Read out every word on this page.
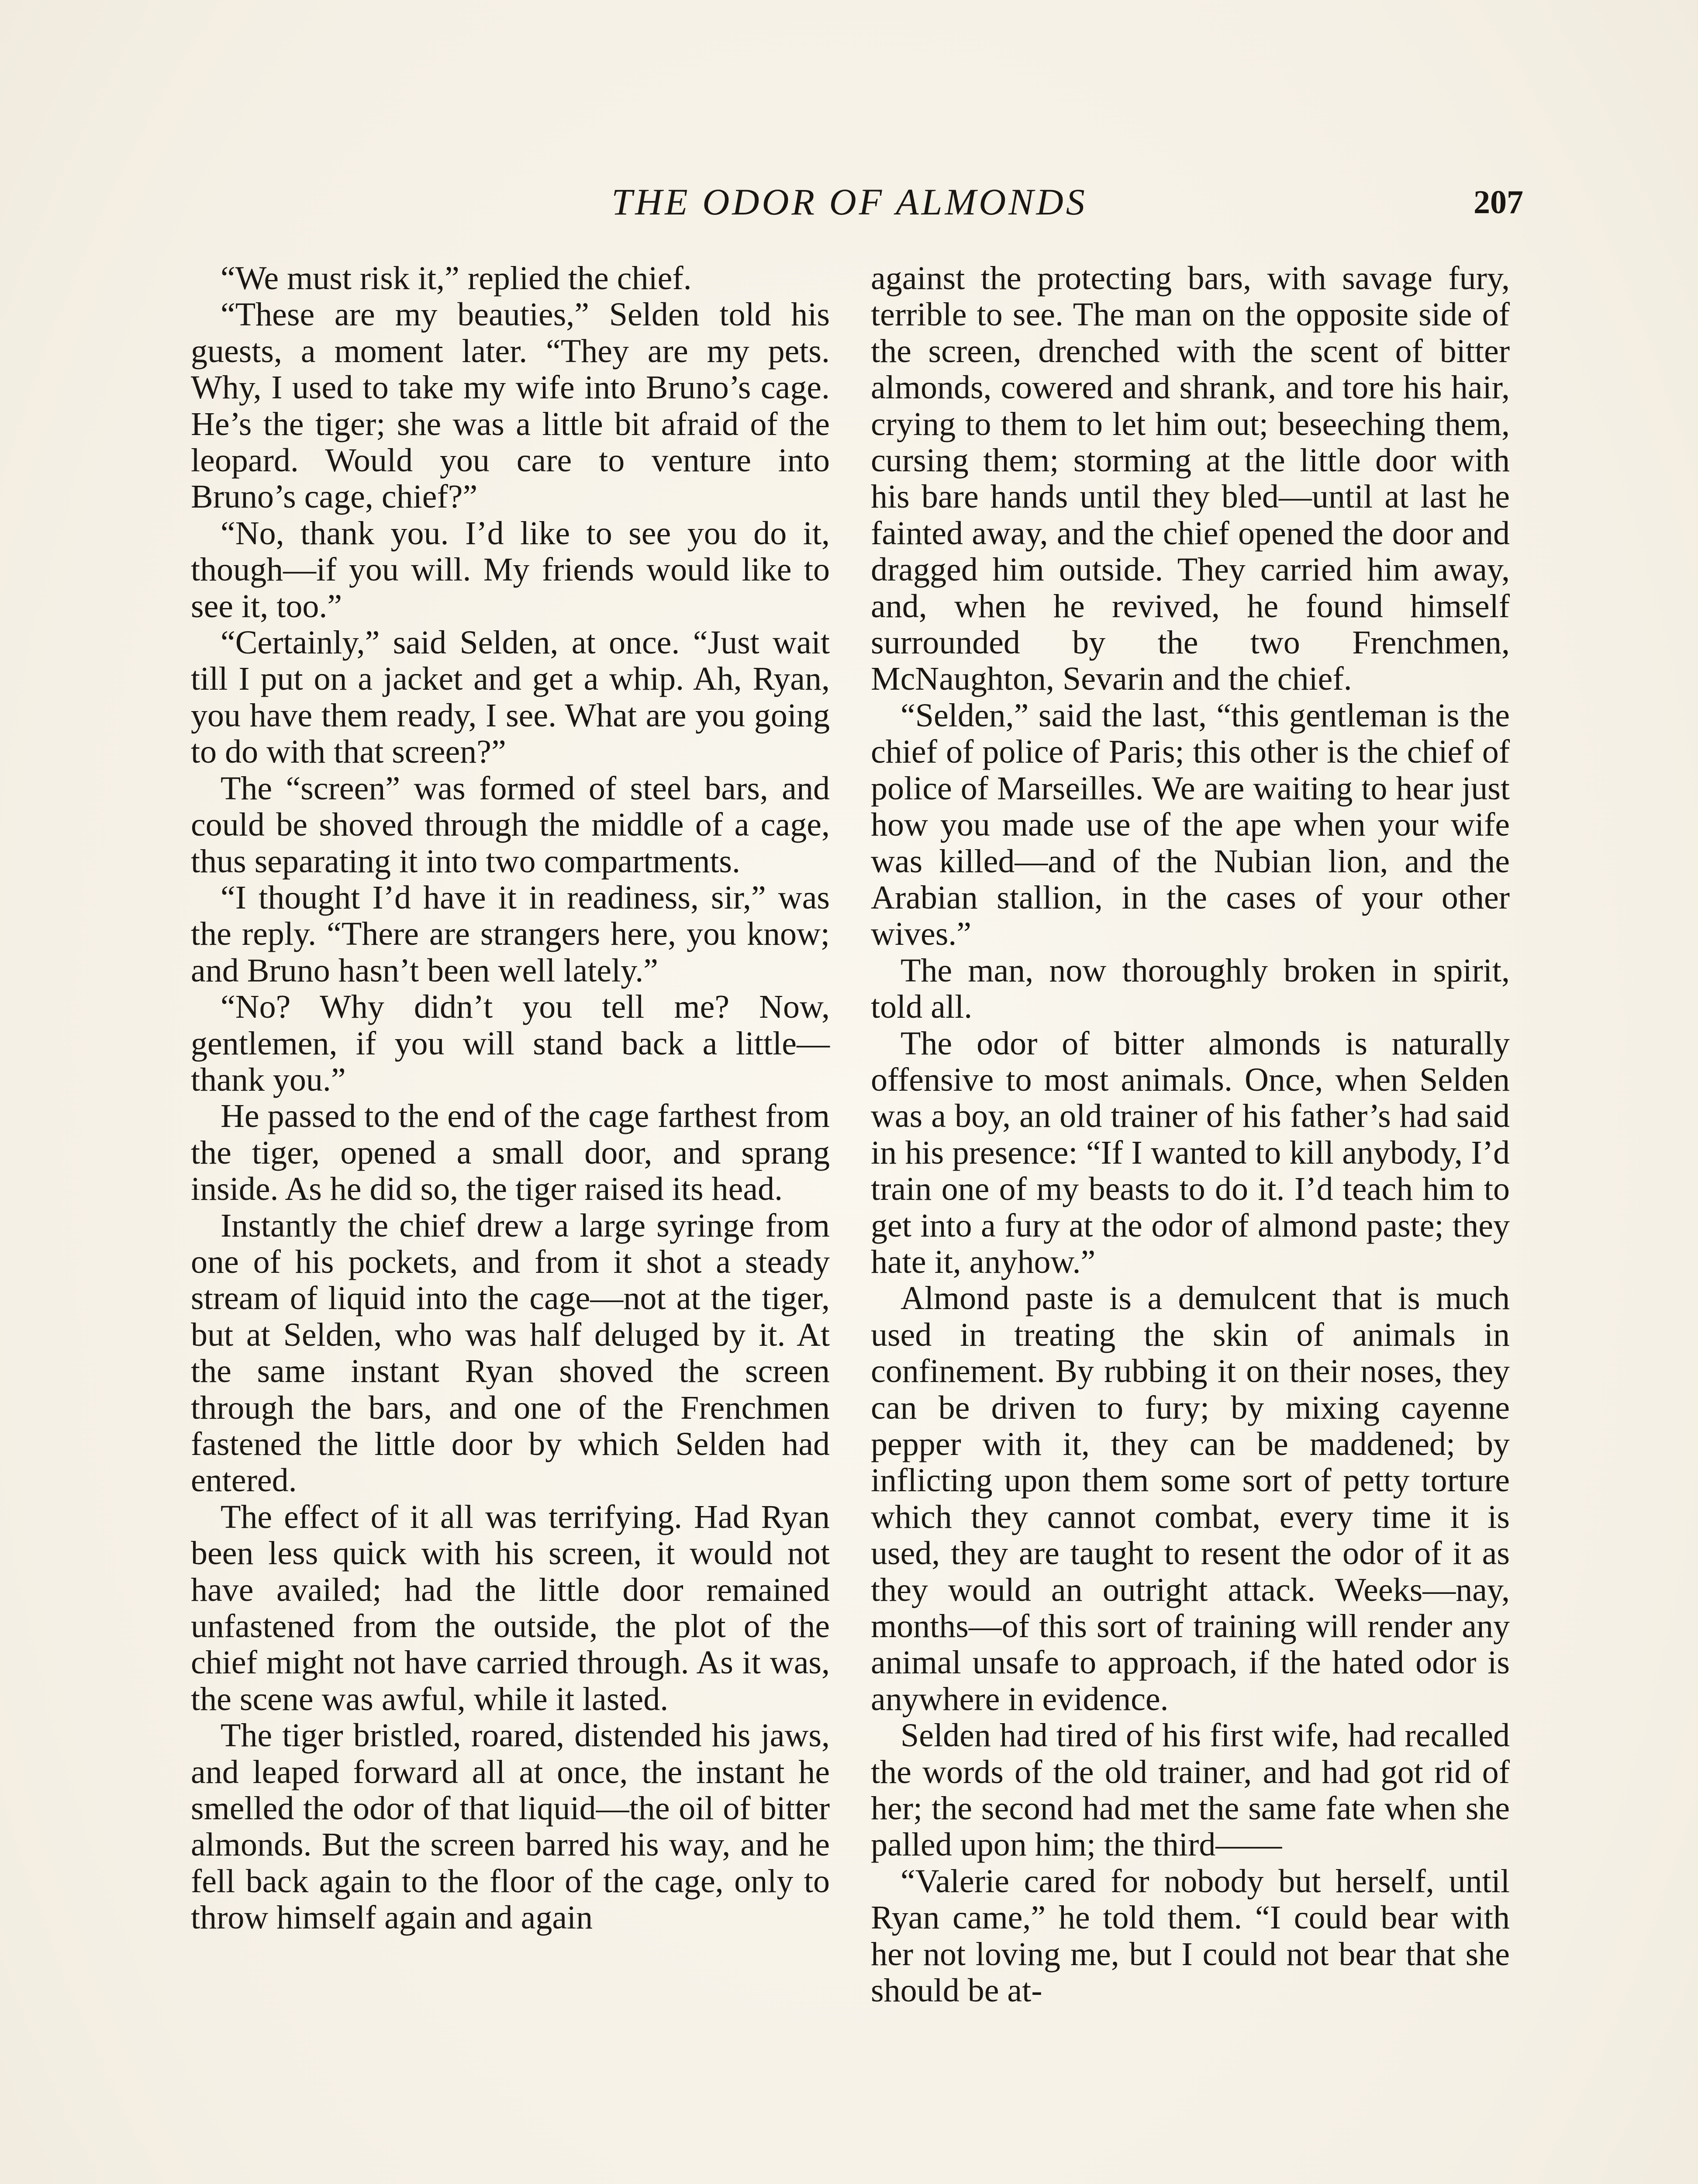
THE ODOR OF ALMONDS	207

“We must risk it,” replied the chief.

“These are my beauties,” Selden told his guests, a moment later. “They are my pets. Why, I used to take my wife into Bruno’s cage. He’s the tiger; she was a little bit afraid of the leopard. Would you care to venture into Bruno’s cage, chief?”

“No, thank you. I’d like to see you do it, though—if you will. My friends would like to see it, too.”

“Certainly,” said Selden, at once. “Just wait till I put on a jacket and get a whip. Ah, Ryan, you have them ready, I see. What are you going to do with that screen?”

The “screen” was formed of steel bars, and could be shoved through the middle of a cage, thus separating it into two compartments.

“I thought I’d have it in readiness, sir,” was the reply. “There are strangers here, you know; and Bruno hasn’t been well lately.”

“No? Why didn’t you tell me? Now, gentlemen, if you will stand back a little—thank you.”

He passed to the end of the cage farthest from the tiger, opened a small door, and sprang inside. As he did so, the tiger raised its head.

Instantly the chief drew a large syringe from one of his pockets, and from it shot a steady stream of liquid into the cage—not at the tiger, but at Selden, who was half deluged by it. At the same instant Ryan shoved the screen through the bars, and one of the Frenchmen fastened the little door by which Selden had entered.

The effect of it all was terrifying. Had Ryan been less quick with his screen, it would not have availed; had the little door remained unfastened from the outside, the plot of the chief might not have carried through. As it was, the scene was awful, while it lasted.

The tiger bristled, roared, distended his jaws, and leaped forward all at once, the instant he smelled the odor of that liquid—the oil of bitter almonds. But the screen barred his way, and he fell back again to the floor of the cage, only to throw himself again and again

against the protecting bars, with savage fury, terrible to see. The man on the opposite side of the screen, drenched with the scent of bitter almonds, cowered and shrank, and tore his hair, crying to them to let him out; beseeching them, cursing them; storming at the little door with his bare hands until they bled—until at last he fainted away, and the chief opened the door and dragged him outside. They carried him away, and, when he revived, he found himself surrounded by the two Frenchmen, McNaughton, Sevarin and the chief.

“Selden,” said the last, “this gentleman is the chief of police of Paris; this other is the chief of police of Marseilles. We are waiting to hear just how you made use of the ape when your wife was killed—and of the Nubian lion, and the Arabian stallion, in the cases of your other wives.”

The man, now thoroughly broken in spirit, told all.

The odor of bitter almonds is naturally offensive to most animals. Once, when Selden was a boy, an old trainer of his father’s had said in his presence: “If I wanted to kill anybody, I’d train one of my beasts to do it. I’d teach him to get into a fury at the odor of almond paste; they hate it, anyhow.”

Almond paste is a demulcent that is much used in treating the skin of animals in confinement. By rubbing it on their noses, they can be driven to fury; by mixing cayenne pepper with it, they can be maddened; by inflicting upon them some sort of petty torture which they cannot combat, every time it is used, they are taught to resent the odor of it as they would an outright attack. Weeks—nay, months—of this sort of training will render any animal unsafe to approach, if the hated odor is anywhere in evidence.

Selden had tired of his first wife, had recalled the words of the old trainer, and had got rid of her; the second had met the same fate when she palled upon him; the third——

“Valerie cared for nobody but herself, until Ryan came,” he told them. “I could bear with her not loving me, but I could not bear that she should be at-
